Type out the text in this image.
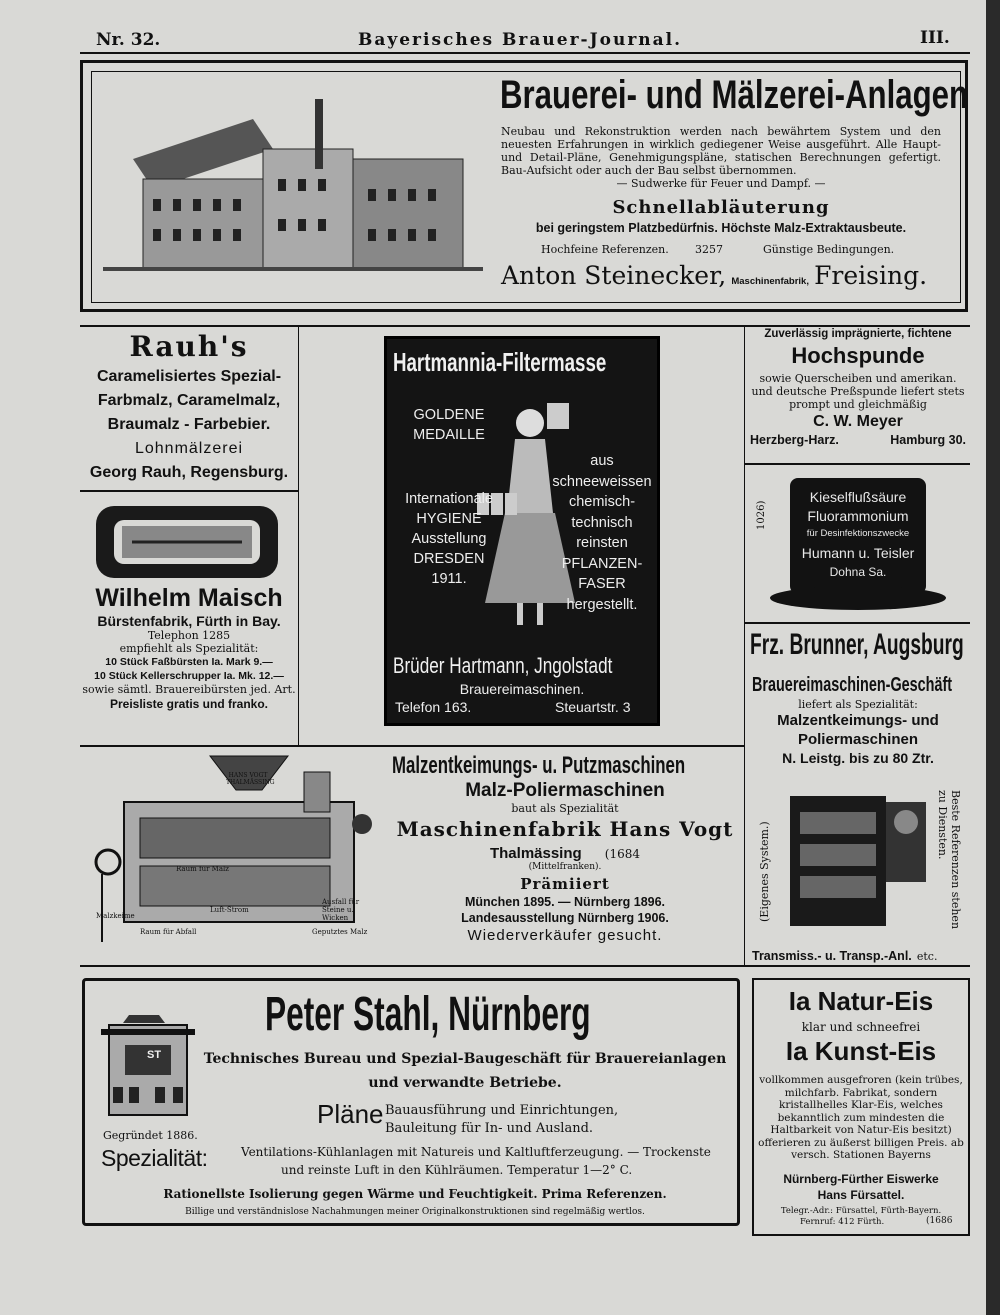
Nr. 32.	Bayerisches Brauer-Journal.	III.
Brauerei- und Mälzerei-Anlagen
Neubau und Rekonstruktion werden nach bewährtem System und den neuesten Erfahrungen in wirklich gediegener Weise ausgeführt. Alle Haupt- und Detail-Pläne, Genehmigungspläne, statischen Berechnungen gefertigt. Bau-Aufsicht oder auch der Bau selbst übernommen.
— Sudwerke für Feuer und Dampf. —
Schnellabläuterung
bei geringstem Platzbedürfnis. Höchste Malz-Extraktausbeute.
Hochfeine Referenzen. 3257	Günstige Bedingungen.
Anton Steinecker, Maschinenfabrik, Freising.
Rauh's
Caramelisiertes Spezial-
Farbmalz, Caramelmalz,
Braumalz - Farbebier.
Lohnmälzerei
Georg Rauh, Regensburg.
Wilhelm Maisch
Bürstenfabrik, Fürth in Bay.
Telephon 1285
empfiehlt als Spezialität:
10 Stück Faßbürsten Ia. Mark 9.—
10 Stück Kellerschrupper Ia. Mk. 12.—
sowie sämtl. Brauereibürsten jed. Art.
Preisliste gratis und franko.
Hartmannia-Filtermasse
GOLDENE
MEDAILLE
Internationale
HYGIENE
Ausstellung
DRESDEN
1911.
aus
schneeweissen
chemisch-
technisch
reinsten
PFLANZEN-
FASER
hergestellt.
Brüder Hartmann, Jngolstadt
Brauereimaschinen.
Telefon 163.	Steuartstr. 3
Zuverlässig imprägnierte, fichtene
Hochspunde
sowie Querscheiben und amerikan. und deutsche Preßspunde liefert stets prompt und gleichmäßig
C. W. Meyer
Herzberg-Harz.	Hamburg 30.
1026)
Kieselflußsäure
Fluorammonium
für Desinfektionszwecke
Humann u. Teisler
Dohna Sa.
Frz. Brunner, Augsburg
Brauereimaschinen-Geschäft
liefert als Spezialität:
Malzentkeimungs- und
Poliermaschinen
N. Leistg. bis zu 80 Ztr.
(Eigenes System.)	Beste Referenzen stehen zu Diensten.
Transmiss.- u. Transp.-Anl. etc.
HANS VOGT THALMÄSSING
Raum für Malz
Luft-Strom
Ausfall für Steine u. Wicken
Geputztes Malz
Malzkeime
Raum für Abfall
Malzentkeimungs- u. Putzmaschinen
Malz-Poliermaschinen
baut als Spezialität
Maschinenfabrik Hans Vogt
Thalmässing (1684
(Mittelfranken).
Prämiiert
München 1895. — Nürnberg 1896.
Landesausstellung Nürnberg 1906.
Wiederverkäufer gesucht.
ST
Peter Stahl, Nürnberg
Technisches Bureau und Spezial-Baugeschäft für Brauereianlagen
und verwandte Betriebe.
Pläne Bauausführung und Einrichtungen,
Bauleitung für In- und Ausland.
Gegründet 1886.
Spezialität:	Ventilations-Kühlanlagen mit Natureis und Kaltluftferzeugung. — Trockenste
und reinste Luft in den Kühlräumen. Temperatur 1—2° C.
Rationellste Isolierung gegen Wärme und Feuchtigkeit. Prima Referenzen.
Billige und verständnislose Nachahmungen meiner Originalkonstruktionen sind regelmäßig wertlos.
Ia Natur-Eis
klar und schneefrei
Ia Kunst-Eis
vollkommen ausgefroren (kein trübes, milchfarb. Fabrikat, sondern kristallhelles Klar-Eis, welches bekanntlich zum mindesten die Haltbarkeit von Natur-Eis besitzt) offerieren zu äußerst billigen Preis. ab versch. Stationen Bayerns
Nürnberg-Fürther Eiswerke
Hans Fürsattel.
Telegr.-Adr.: Fürsattel, Fürth-Bayern.
Fernruf: 412 Fürth.	(1686
